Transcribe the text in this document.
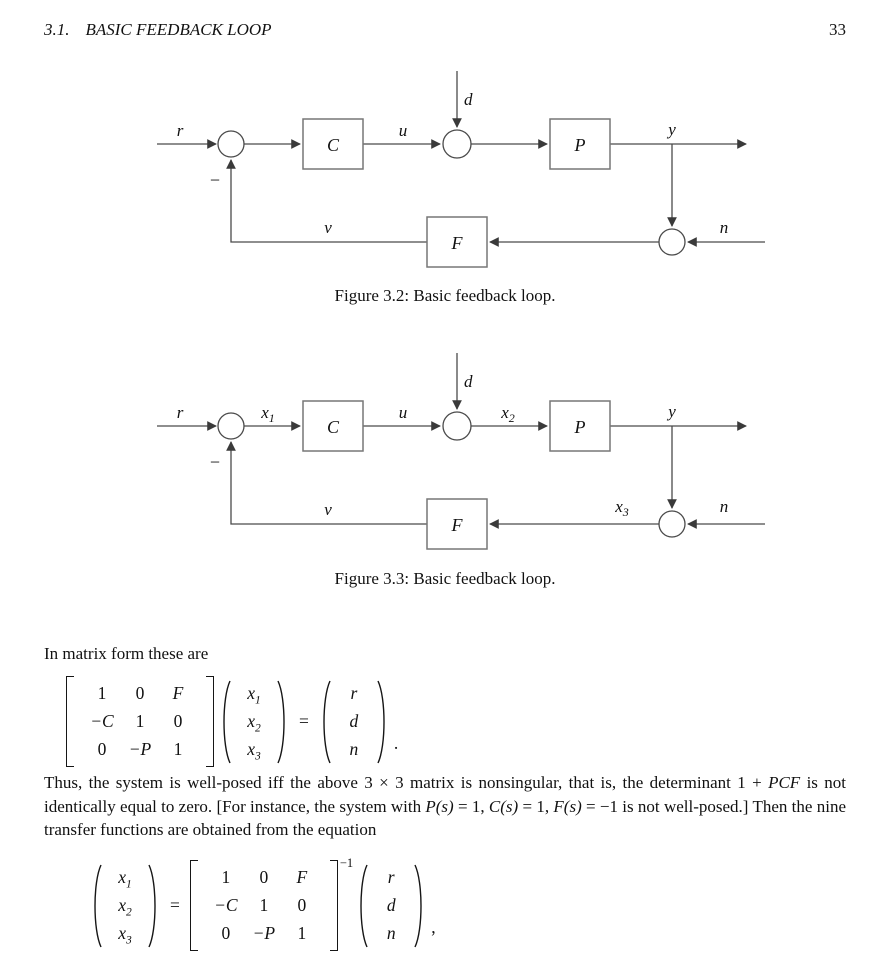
3.1. BASIC FEEDBACK LOOP	33
C	P
F
r
−
u
d
y
n
v
Figure 3.2: Basic feedback loop.
C	P
F
r
−
$x_1$	u
d
$x_2$	y
$x_3$	n
v
Figure 3.3: Basic feedback loop.
In matrix form these are
1	0	F
−C	1	0
0	−P	1
$x_1$
$x_2$
$x_3$
=
r
d
n	.

Thus, the system is well-posed iff the above 3 × 3 matrix is nonsingular, that is, the determinant 1 + PCF is not identically equal to zero. [For instance, the system with P(s) = 1, C(s) = 1, F(s) = −1 is not well-posed.] Then the nine transfer functions are obtained from the equation

$x_1$
$x_2$
$x_3$
=
1	0	F
−C	1	0
0	−P	1
−1
r
d
n	,
